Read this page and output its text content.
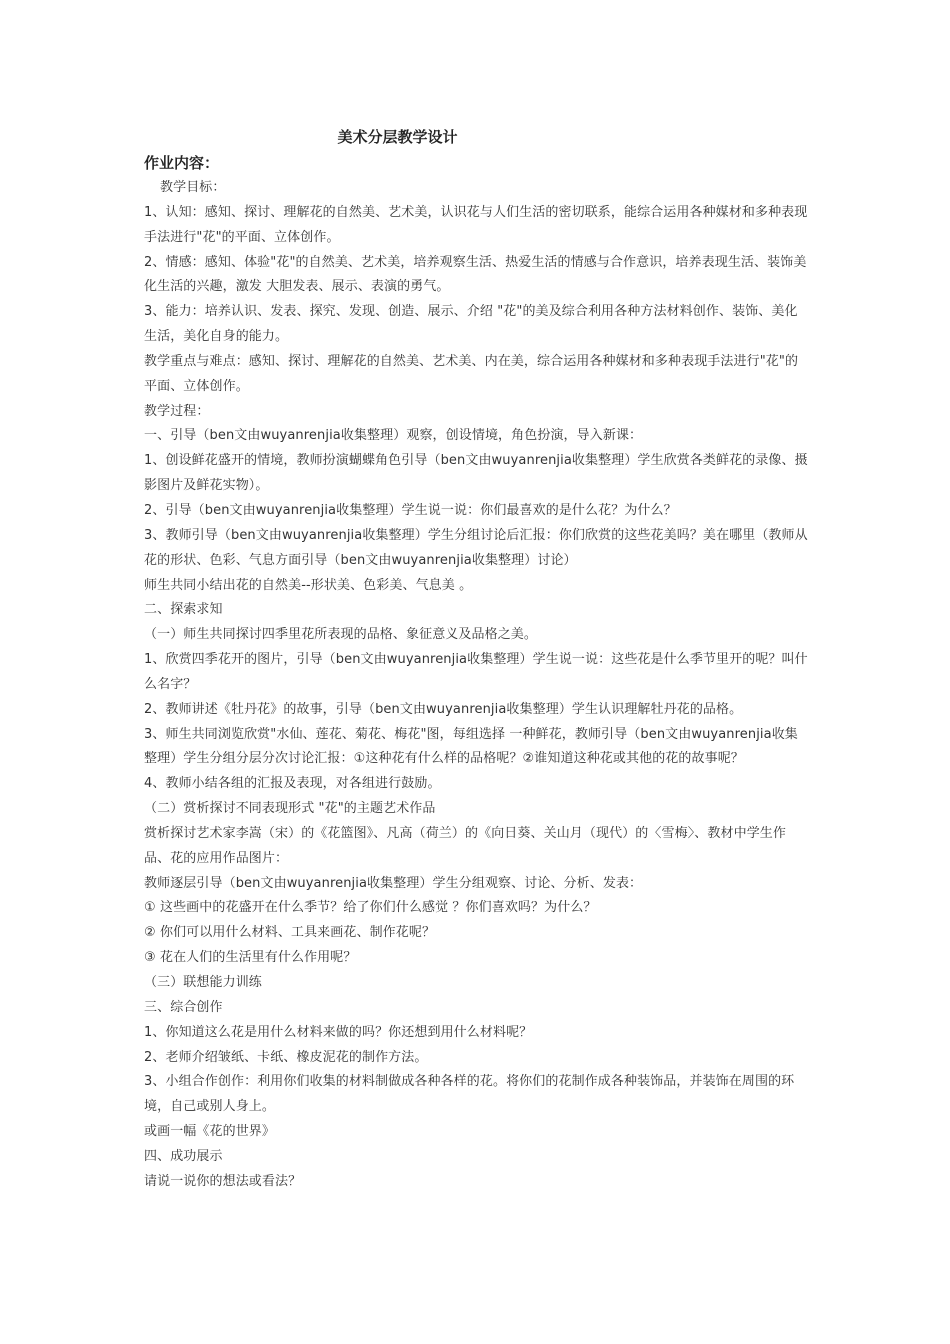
美术分层教学设计
作业内容：

教学目标：

1、认知：感知、探讨、理解花的自然美、艺术美，认识花与人们生活的密切联系，能综合运用各种媒材和多种表现手法进行"花"的平面、立体创作。

2、情感：感知、体验"花"的自然美、艺术美，培养观察生活、热爱生活的情感与合作意识，培养表现生活、装饰美化生活的兴趣，激发 大胆发表、展示、表演的勇气。

3、能力：培养认识、发表、探究、发现、创造、展示、介绍 "花"的美及综合利用各种方法材料创作、装饰、美化生活，美化自身的能力。

教学重点与难点：感知、探讨、理解花的自然美、艺术美、内在美，综合运用各种媒材和多种表现手法进行"花"的平面、立体创作。

教学过程：

一、引导（ben文由wuyanrenjia收集整理）观察，创设情境，角色扮演，导入新课：

1、创设鲜花盛开的情境，教师扮演蝴蝶角色引导（ben文由wuyanrenjia收集整理）学生欣赏各类鲜花的录像、摄影图片及鲜花实物）。

2、引导（ben文由wuyanrenjia收集整理）学生说一说：你们最喜欢的是什么花？为什么？

3、教师引导（ben文由wuyanrenjia收集整理）学生分组讨论后汇报：你们欣赏的这些花美吗？美在哪里（教师从花的形状、色彩、气息方面引导（ben文由wuyanrenjia收集整理）讨论）

师生共同小结出花的自然美--形状美、色彩美、气息美 。

二、探索求知

（一）师生共同探讨四季里花所表现的品格、象征意义及品格之美。

1、欣赏四季花开的图片，引导（ben文由wuyanrenjia收集整理）学生说一说：这些花是什么季节里开的呢？叫什么名字？

2、教师讲述《牡丹花》的故事，引导（ben文由wuyanrenjia收集整理）学生认识理解牡丹花的品格。

3、师生共同浏览欣赏"水仙、莲花、菊花、梅花"图，每组选择 一种鲜花，教师引导（ben文由wuyanrenjia收集整理）学生分组分层分次讨论汇报：①这种花有什么样的品格呢？②谁知道这种花或其他的花的故事呢？

4、教师小结各组的汇报及表现，对各组进行鼓励。

（二）赏析探讨不同表现形式 "花"的主题艺术作品

赏析探讨艺术家李嵩（宋）的《花篮图》、凡高（荷兰）的《向日葵、关山月（现代）的〈雪梅〉、教材中学生作品、花的应用作品图片：

教师逐层引导（ben文由wuyanrenjia收集整理）学生分组观察、讨论、分析、发表：

① 这些画中的花盛开在什么季节？给了你们什么感觉 ？你们喜欢吗？为什么？

② 你们可以用什么材料、工具来画花、制作花呢？

③ 花在人们的生活里有什么作用呢？

（三）联想能力训练

三、综合创作

1、你知道这么花是用什么材料来做的吗？你还想到用什么材料呢？

2、老师介绍皱纸、卡纸、橡皮泥花的制作方法。

3、小组合作创作：利用你们收集的材料制做成各种各样的花。将你们的花制作成各种装饰品，并装饰在周围的环境，自己或别人身上。

或画一幅《花的世界》

四、成功展示

请说一说你的想法或看法？
